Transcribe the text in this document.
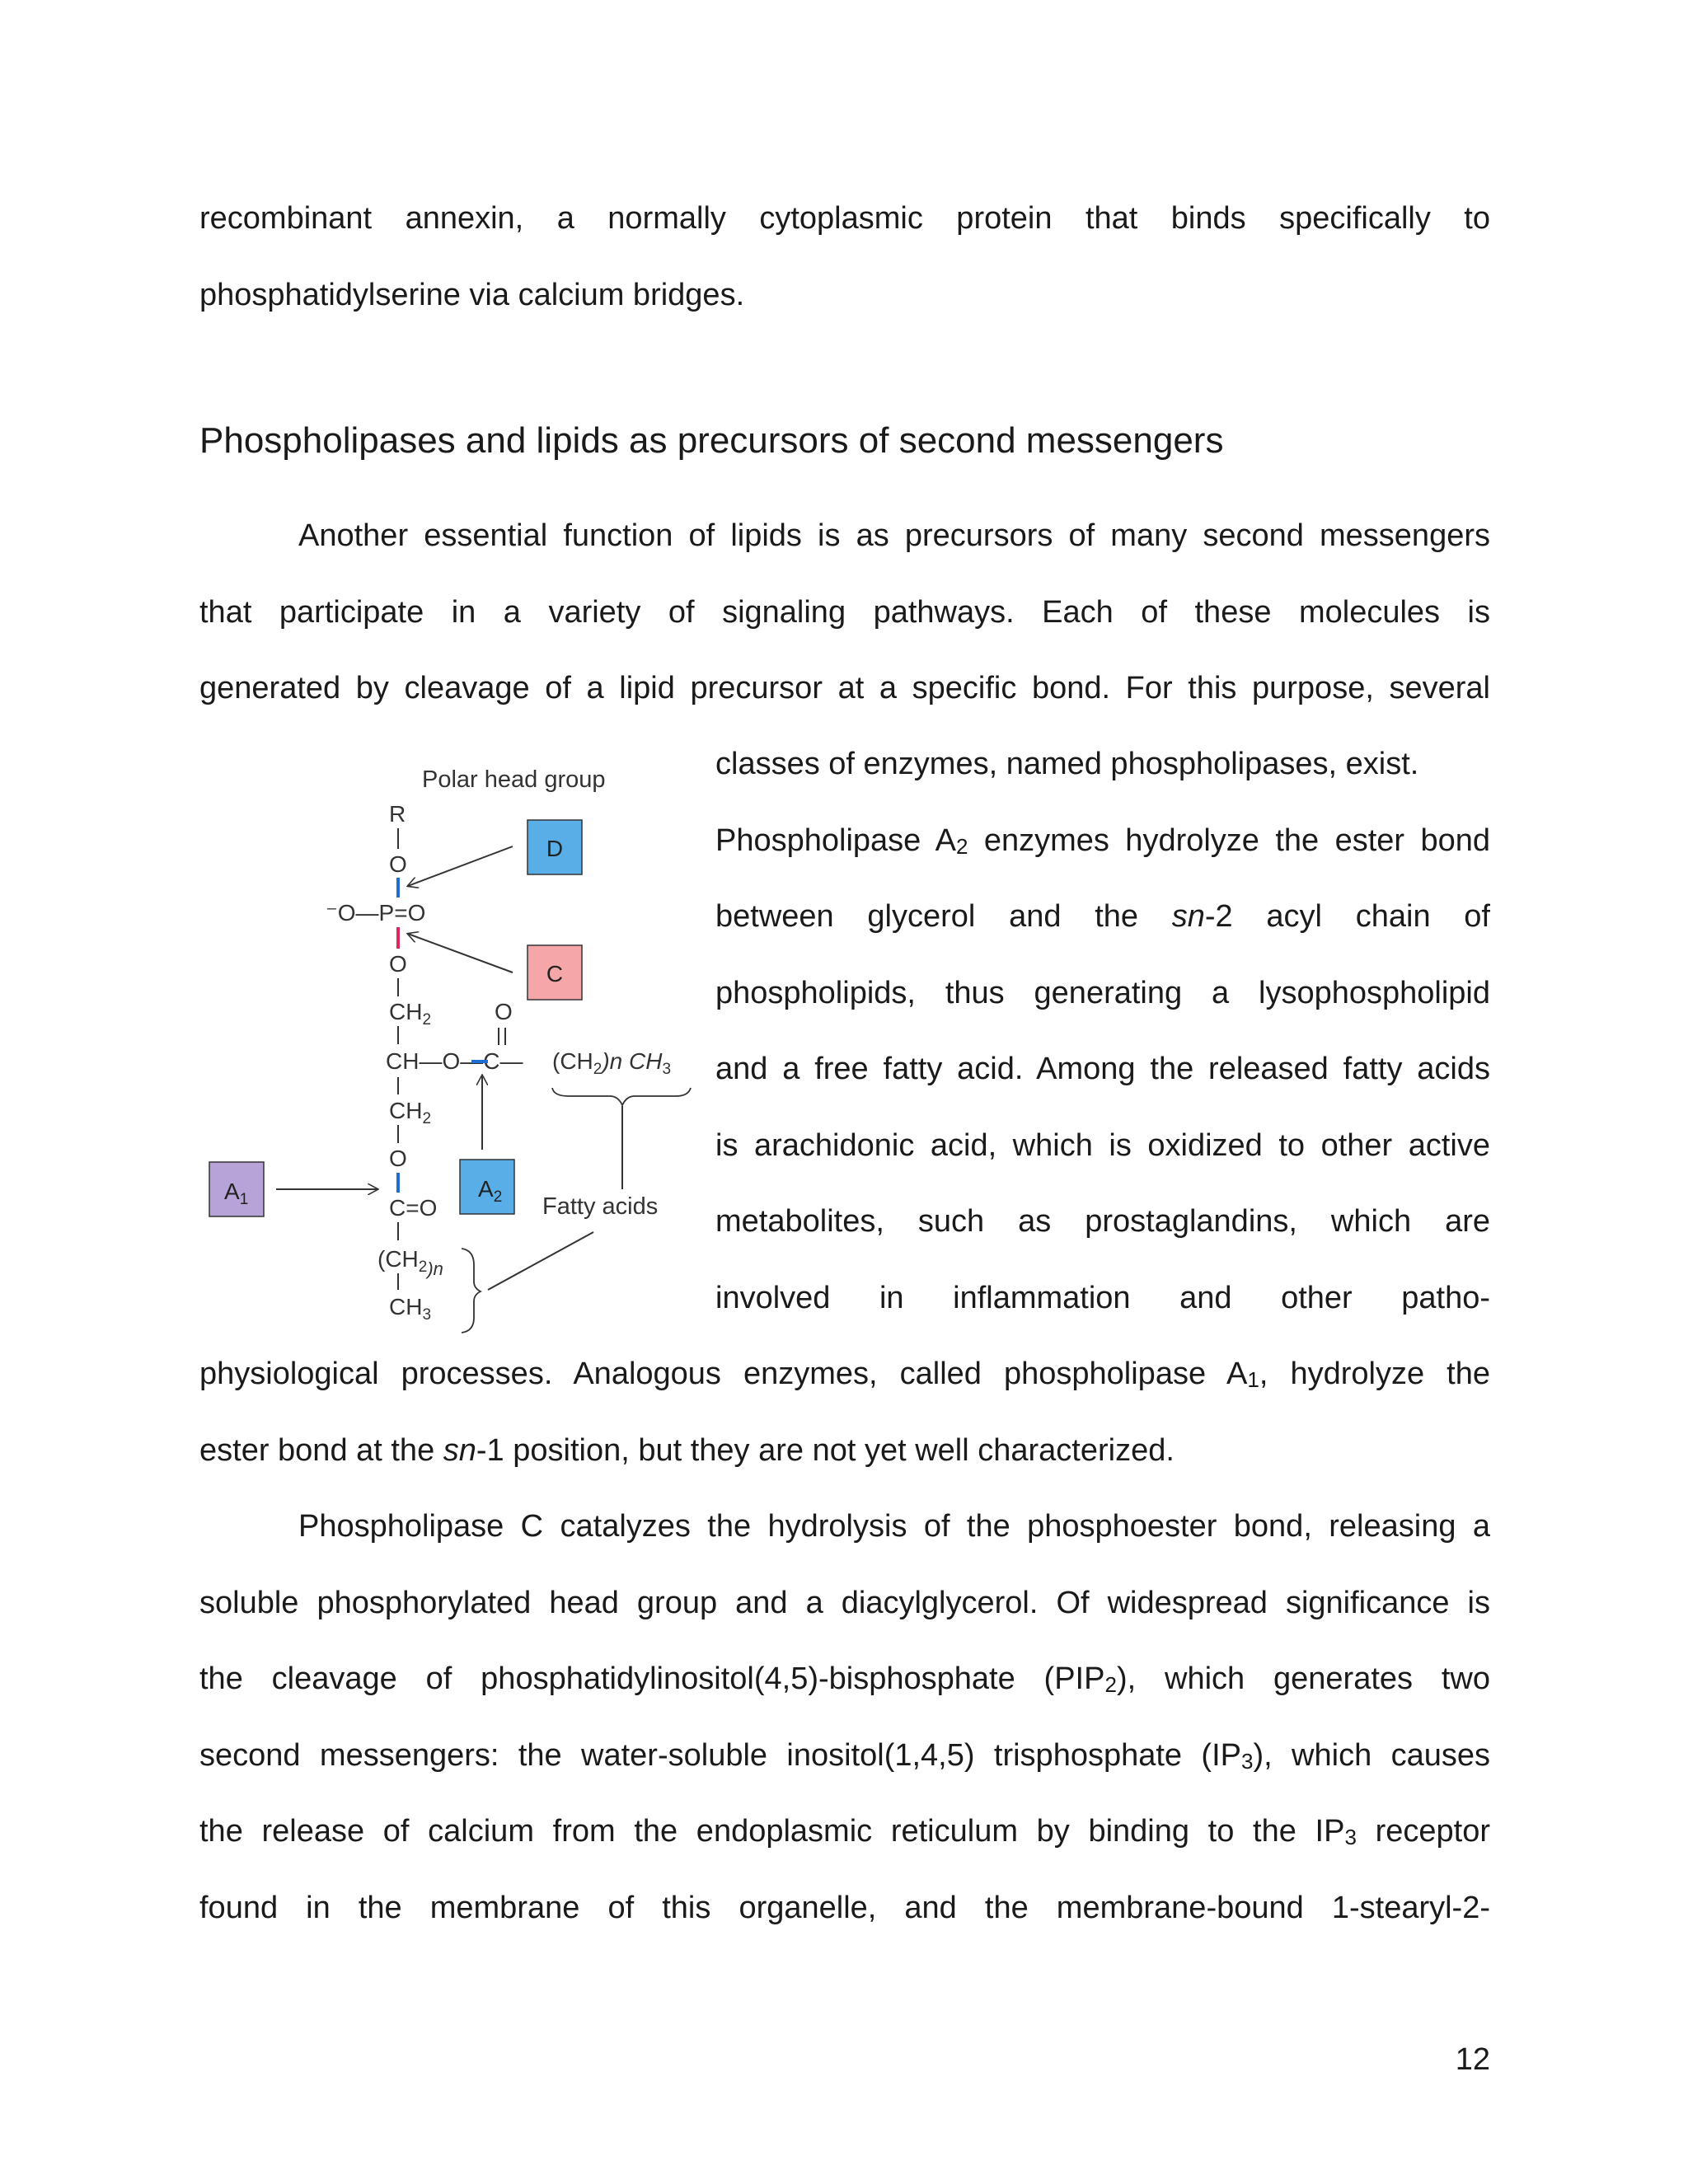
recombinant annexin, a normally cytoplasmic protein that binds specifically to
phosphatidylserine via calcium bridges.
Phospholipases and lipids as precursors of second messengers
Another essential function of lipids is as precursors of many second messengers
that participate in a variety of signaling pathways. Each of these molecules is
generated by cleavage of a lipid precursor at a specific bond. For this purpose, several
classes of enzymes, named phospholipases, exist.
Phospholipase $A_2$ enzymes hydrolyze the ester bond
between glycerol and the sn-2 acyl chain of
phospholipids, thus generating a lysophospholipid
and a free fatty acid. Among the released fatty acids
is arachidonic acid, which is oxidized to other active
metabolites, such as prostaglandins, which are
involved in inflammation and other patho-
physiological processes. Analogous enzymes, called phospholipase $A_1$, hydrolyze the
ester bond at the sn-1 position, but they are not yet well characterized.
Phospholipase C catalyzes the hydrolysis of the phosphoester bond, releasing a
soluble phosphorylated head group and a diacylglycerol. Of widespread significance is
the cleavage of phosphatidylinositol(4,5)-bisphosphate $(PIP_2)$, which generates two
second messengers: the water-soluble inositol(1,4,5) trisphosphate $(IP_3)$, which causes
the release of calcium from the endoplasmic reticulum by binding to the $IP_3$ receptor
found in the membrane of this organelle, and the membrane-bound 1-stearyl-2-
Polar head group
R
O
⁻O—P=O
O
$CH_2$	O
CH—O—C— $(CH_2)n$ $CH_3$
$CH_2$
O
C=O
$(CH_2)n$
$CH_3$
Fatty acids
D
C
$A_2$
$A_1$
12
